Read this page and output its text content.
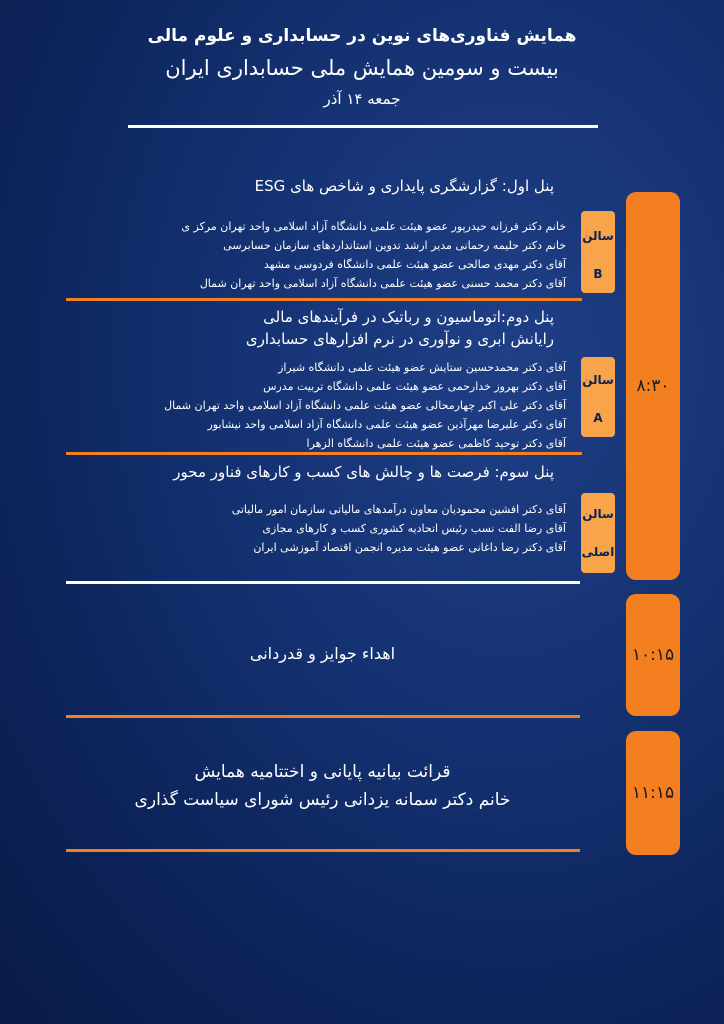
همایش فناوری‌های نوین در حسابداری و علوم مالی
بیست و سومین همایش ملی حسابداری ایران
جمعه ۱۴ آذر
۸:۳۰
پنل اول: گزارشگری پایداری و شاخص های ESG
خانم دکتر فرزانه حیدرپور عضو هیئت علمی دانشگاه آزاد اسلامی واحد تهران مرکز ی
خانم دکتر حلیمه رحمانی مدیر ارشد تدوین استانداردهای سازمان حسابرسی
آقای دکتر مهدی صالحی عضو هیئت علمی دانشگاه فردوسی مشهد
آقای دکتر محمد حسنی عضو هیئت علمی دانشگاه آزاد اسلامی واحد تهران شمال
سالن
B
پنل دوم:اتوماسیون و رباتیک در فرآیندهای مالی
رایانش ابری و نوآوری در نرم افزارهای حسابداری
آقای دکتر محمدحسین ستایش عضو هیئت علمی دانشگاه شیراز
آقای دکتر بهروز خدارحمی عضو هیئت علمی دانشگاه تربیت مدرس
آقای دکتر علی اکبر چهارمحالی عضو هیئت علمی دانشگاه آزاد اسلامی واحد تهران شمال
آقای دکتر علیرضا مهرآذین عضو هیئت علمی دانشگاه آزاد اسلامی واحد نیشابور
آقای دکتر توحید کاظمی عضو هیئت علمی دانشگاه الزهرا
سالن
A
پنل سوم: فرصت ها و چالش های کسب و کارهای فناور محور
آقای دکتر افشین محمودیان معاون درآمدهای مالیاتی سازمان امور مالیاتی
آقای رضا الفت نسب رئیس اتحادیه کشوری کسب و کارهای مجازی
آقای دکتر رضا داغانی عضو هیئت مدیره انجمن اقتصاد آموزشی ایران
سالن
اصلی
اهداء جوایز و قدردانی	۱۰:۱۵
قرائت بیانیه پایانی و اختتامیه همایش
خانم دکتر سمانه یزدانی رئیس شورای سیاست گذاری	۱۱:۱۵
